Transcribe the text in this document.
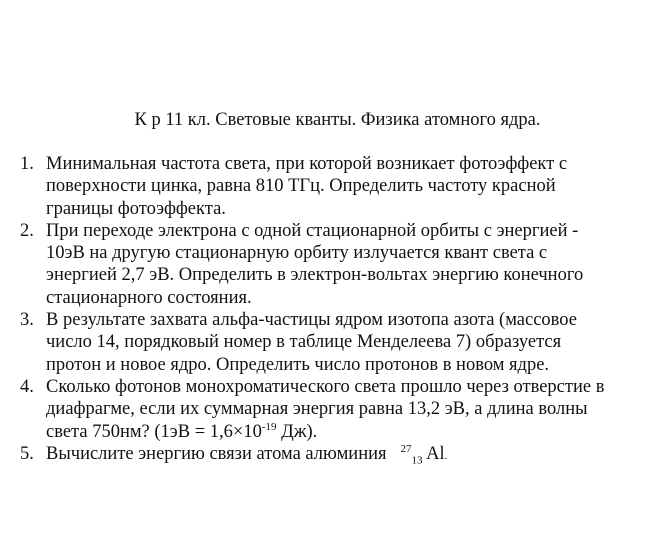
К р 11 кл. Световые кванты. Физика атомного ядра.
1. Минимальная частота света, при которой возникает фотоэффект с
поверхности цинка, равна 810 ТГц. Определить частоту красной
границы фотоэффекта.
2. При переходе электрона с одной стационарной орбиты с энергией -
10эВ на другую стационарную орбиту излучается квант света с
энергией 2,7 эВ. Определить в электрон-вольтах энергию конечного
стационарного состояния.
3. В результате захвата альфа-частицы ядром изотопа азота (массовое
число 14, порядковый номер в таблице Менделеева 7) образуется
протон и новое ядро. Определить число протонов в новом ядре.
4. Сколько фотонов монохроматического света прошло через отверстие в
диафрагме, если их суммарная энергия равна 13,2 эВ, а длина волны
света 750нм? ($1эВ = 1,6\times 10^{-19}$ Дж).
5. Вычислите энергию связи атома алюминия $^{27}_{13}$ Al.
